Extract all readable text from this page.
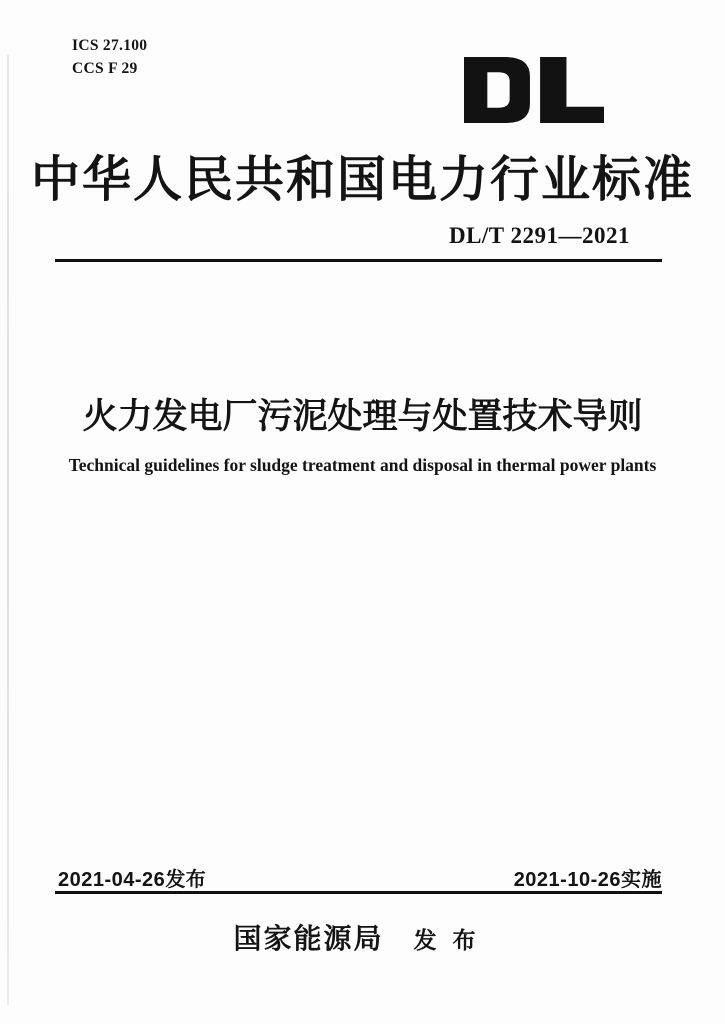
ICS 27.100
CCS F 29
中华人民共和国电力行业标准
DL/T 2291—2021
火力发电厂污泥处理与处置技术导则
Technical guidelines for sludge treatment and disposal in thermal power plants
2021-04-26发布	2021-10-26实施
国家能源局 发布
